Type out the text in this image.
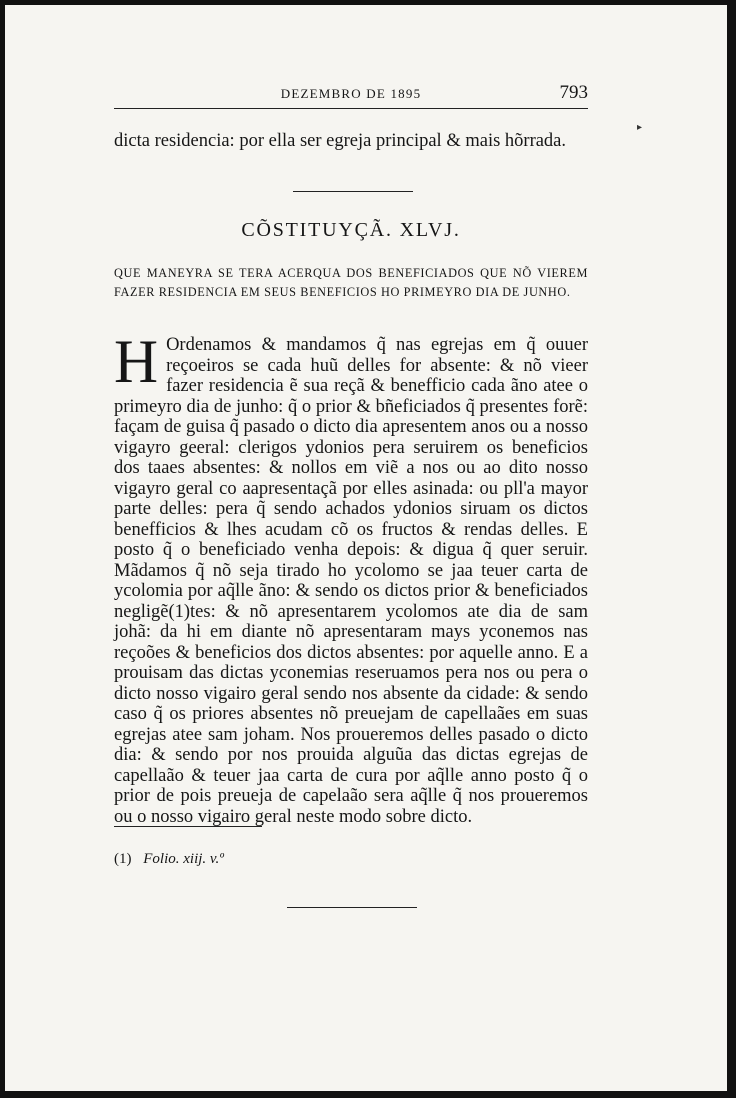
DEZEMBRO DE 1895	793
▸
dicta residencia: por ella ser egreja principal & mais hõrrada.
CÕSTITUYÇÃ. XLVJ.
QUE MANEYRA SE TERA ACERQUA DOS BENEFICIADOS QUE NÕ VIEREM FAZER RESIDENCIA EM SEUS BENEFICIOS HO PRIMEYRO DIA DE JUNHO.
H Ordenamos & mandamos q̃ nas egrejas em q̃ ouuer reçoeiros se cada huũ delles for absente: & nõ vieer fazer residencia ẽ sua reçã & benefficio cada ãno atee o primeyro dia de junho: q̃ o prior & bñeficiados q̃ presentes forẽ: façam de guisa q̃ pasado o dicto dia apresentem anos ou a nosso vigayro geeral: clerigos ydonios pera seruirem os beneficios dos taaes absentes: & nollos em viẽ a nos ou ao dito nosso vigayro geral co aapresentaçã por elles asinada: ou pll'a mayor parte delles: pera q̃ sendo achados ydonios siruam os dictos benefficios & lhes acudam cõ os fructos & rendas delles. E posto q̃ o beneficiado venha depois: & digua q̃ quer seruir. Mãdamos q̃ nõ seja tirado ho ycolomo se jaa teuer carta de ycolomia por aq̃lle ãno: & sendo os dictos prior & beneficiados negligẽ(1)tes: & nõ apresentarem ycolomos ate dia de sam johã: da hi em diante nõ apresentaram mays yconemos nas reçoões & beneficios dos dictos absentes: por aquelle anno. E a prouisam das dictas yconemias reseruamos pera nos ou pera o dicto nosso vigairo geral sendo nos absente da cidade: & sendo caso q̃ os priores absentes nõ preuejam de capellaães em suas egrejas atee sam joham. Nos proueremos delles pasado o dicto dia: & sendo por nos prouida alguũa das dictas egrejas de capellaão & teuer jaa carta de cura por aq̃lle anno posto q̃ o prior de pois preueja de capelaão sera aq̃lle q̃ nos proueremos ou o nosso vigairo geral neste modo sobre dicto.
(1) Folio. xiij. v.º
